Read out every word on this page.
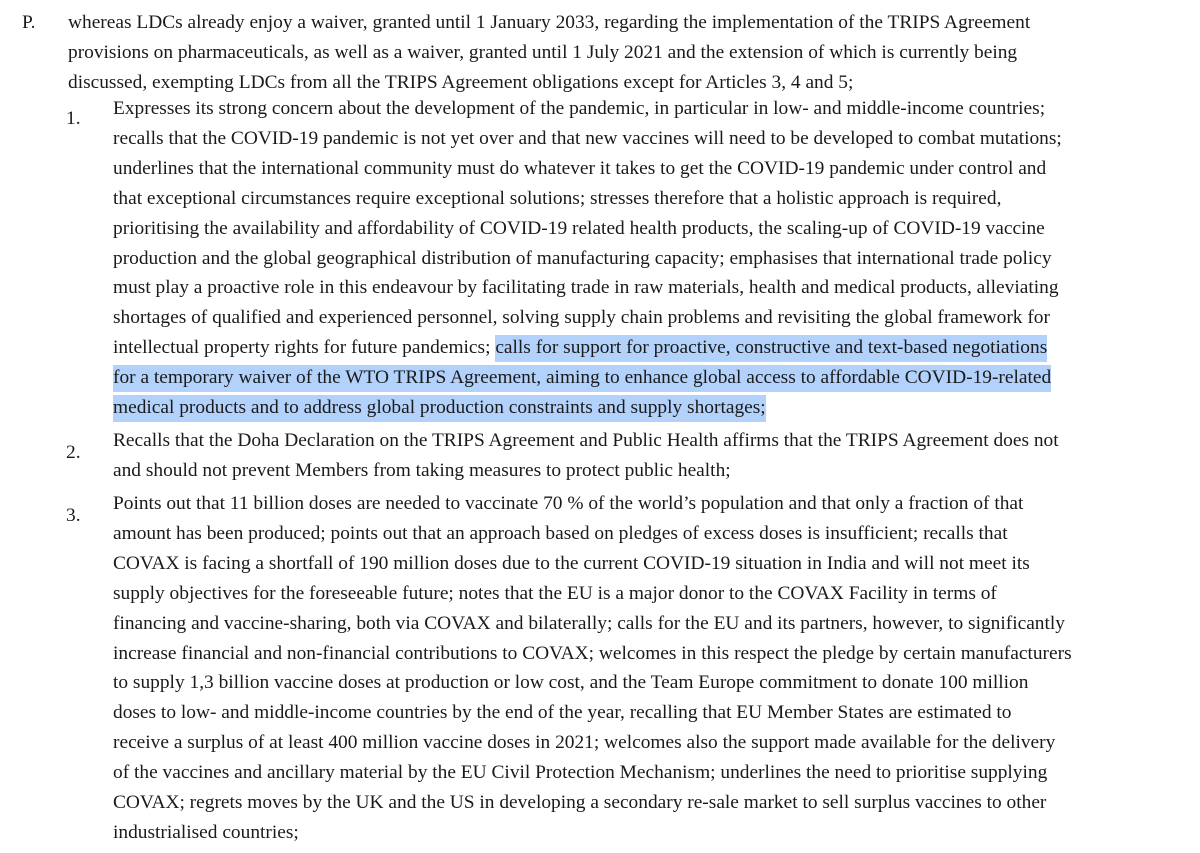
P.	whereas LDCs already enjoy a waiver, granted until 1 January 2033, regarding the implementation of the TRIPS Agreement
provisions on pharmaceuticals, as well as a waiver, granted until 1 July 2021 and the extension of which is currently being
discussed, exempting LDCs from all the TRIPS Agreement obligations except for Articles 3, 4 and 5;
1.	Expresses its strong concern about the development of the pandemic, in particular in low- and middle-income countries;
recalls that the COVID-19 pandemic is not yet over and that new vaccines will need to be developed to combat mutations;
underlines that the international community must do whatever it takes to get the COVID-19 pandemic under control and
that exceptional circumstances require exceptional solutions; stresses therefore that a holistic approach is required,
prioritising the availability and affordability of COVID-19 related health products, the scaling-up of COVID-19 vaccine
production and the global geographical distribution of manufacturing capacity; emphasises that international trade policy
must play a proactive role in this endeavour by facilitating trade in raw materials, health and medical products, alleviating
shortages of qualified and experienced personnel, solving supply chain problems and revisiting the global framework for
intellectual property rights for future pandemics; calls for support for proactive, constructive and text-based negotiations
for a temporary waiver of the WTO TRIPS Agreement, aiming to enhance global access to affordable COVID-19-related
medical products and to address global production constraints and supply shortages;
2.
Recalls that the Doha Declaration on the TRIPS Agreement and Public Health affirms that the TRIPS Agreement does not
and should not prevent Members from taking measures to protect public health;
3.
Points out that 11 billion doses are needed to vaccinate 70 % of the world’s population and that only a fraction of that
amount has been produced; points out that an approach based on pledges of excess doses is insufficient; recalls that
COVAX is facing a shortfall of 190 million doses due to the current COVID-19 situation in India and will not meet its
supply objectives for the foreseeable future; notes that the EU is a major donor to the COVAX Facility in terms of
financing and vaccine-sharing, both via COVAX and bilaterally; calls for the EU and its partners, however, to significantly
increase financial and non-financial contributions to COVAX; welcomes in this respect the pledge by certain manufacturers
to supply 1,3 billion vaccine doses at production or low cost, and the Team Europe commitment to donate 100 million
doses to low- and middle-income countries by the end of the year, recalling that EU Member States are estimated to
receive a surplus of at least 400 million vaccine doses in 2021; welcomes also the support made available for the delivery
of the vaccines and ancillary material by the EU Civil Protection Mechanism; underlines the need to prioritise supplying
COVAX; regrets moves by the UK and the US in developing a secondary re-sale market to sell surplus vaccines to other
industrialised countries;
